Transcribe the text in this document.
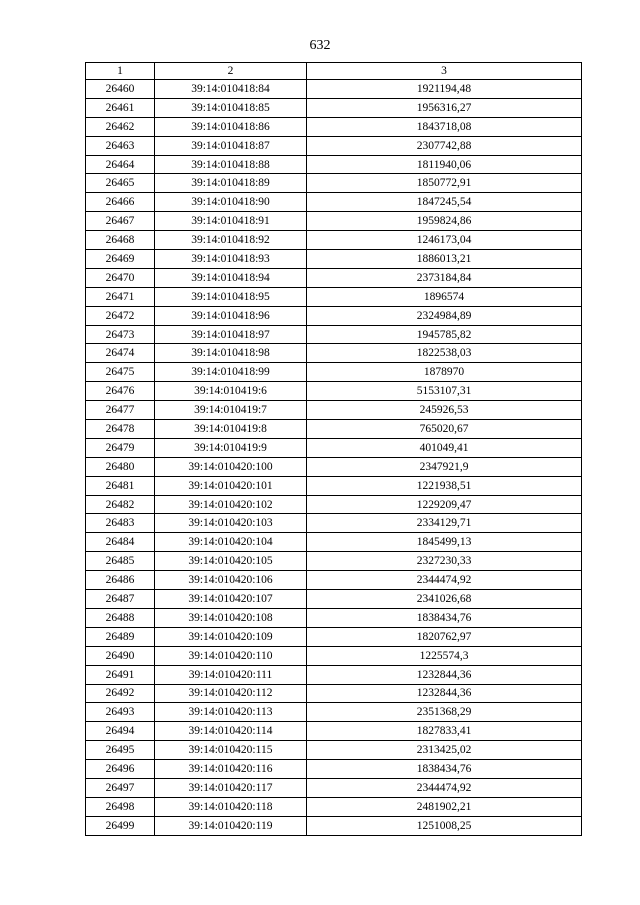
632
1	2	3
26460	39:14:010418:84	1921194,48
26461	39:14:010418:85	1956316,27
26462	39:14:010418:86	1843718,08
26463	39:14:010418:87	2307742,88
26464	39:14:010418:88	1811940,06
26465	39:14:010418:89	1850772,91
26466	39:14:010418:90	1847245,54
26467	39:14:010418:91	1959824,86
26468	39:14:010418:92	1246173,04
26469	39:14:010418:93	1886013,21
26470	39:14:010418:94	2373184,84
26471	39:14:010418:95	1896574
26472	39:14:010418:96	2324984,89
26473	39:14:010418:97	1945785,82
26474	39:14:010418:98	1822538,03
26475	39:14:010418:99	1878970
26476	39:14:010419:6	5153107,31
26477	39:14:010419:7	245926,53
26478	39:14:010419:8	765020,67
26479	39:14:010419:9	401049,41
26480	39:14:010420:100	2347921,9
26481	39:14:010420:101	1221938,51
26482	39:14:010420:102	1229209,47
26483	39:14:010420:103	2334129,71
26484	39:14:010420:104	1845499,13
26485	39:14:010420:105	2327230,33
26486	39:14:010420:106	2344474,92
26487	39:14:010420:107	2341026,68
26488	39:14:010420:108	1838434,76
26489	39:14:010420:109	1820762,97
26490	39:14:010420:110	1225574,3
26491	39:14:010420:111	1232844,36
26492	39:14:010420:112	1232844,36
26493	39:14:010420:113	2351368,29
26494	39:14:010420:114	1827833,41
26495	39:14:010420:115	2313425,02
26496	39:14:010420:116	1838434,76
26497	39:14:010420:117	2344474,92
26498	39:14:010420:118	2481902,21
26499	39:14:010420:119	1251008,25
